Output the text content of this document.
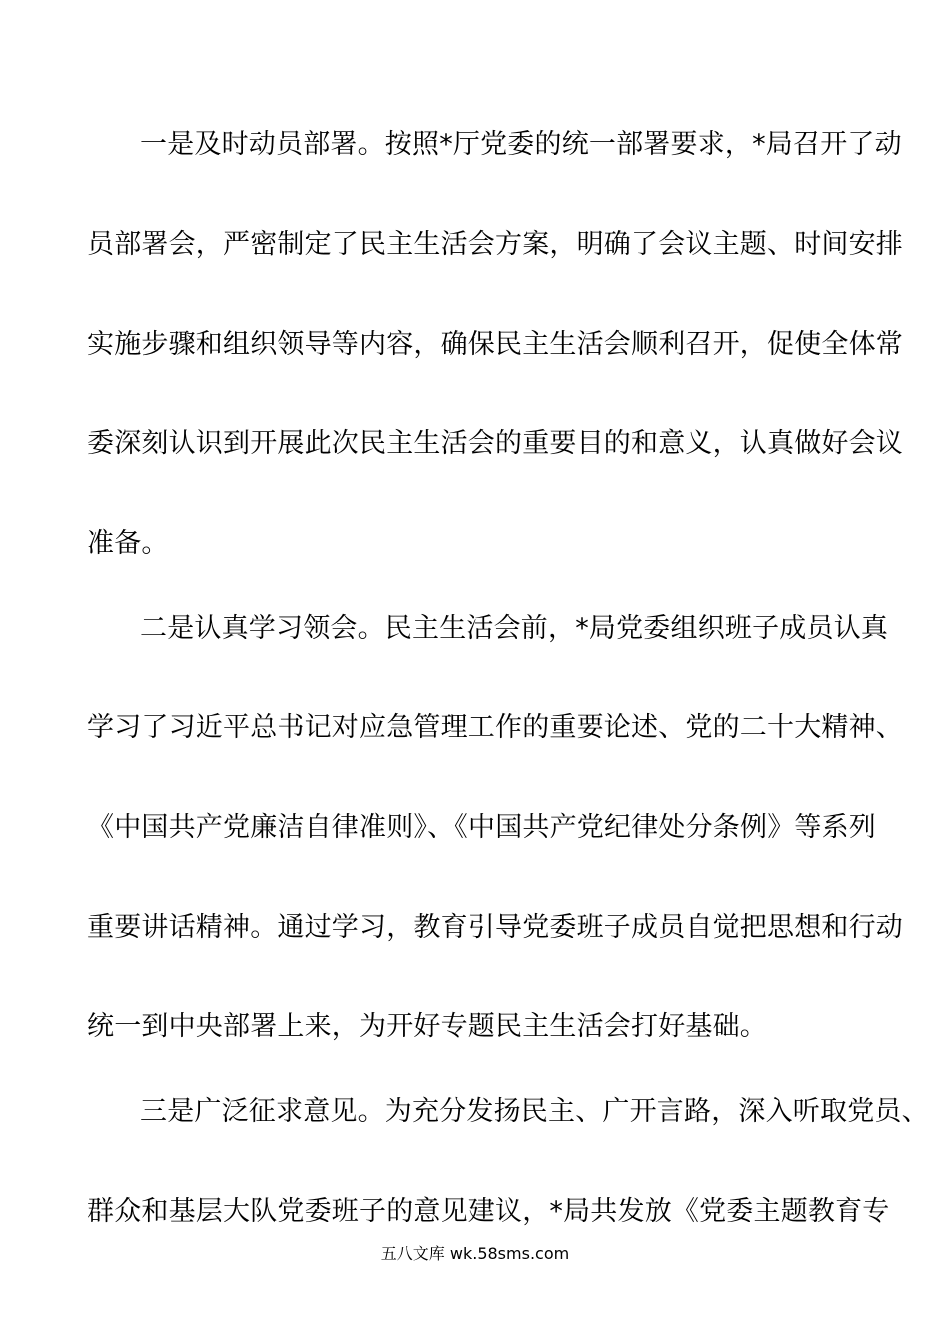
一是及时动员部署。按照*厅党委的统一部署要求，*局召开了动
员部署会，严密制定了民主生活会方案，明确了会议主题、时间安排
实施步骤和组织领导等内容，确保民主生活会顺利召开，促使全体常
委深刻认识到开展此次民主生活会的重要目的和意义，认真做好会议
准备。
二是认真学习领会。民主生活会前，*局党委组织班子成员认真
学习了习近平总书记对应急管理工作的重要论述、党的二十大精神、
《中国共产党廉洁自律准则》、《中国共产党纪律处分条例》等系列
重要讲话精神。通过学习，教育引导党委班子成员自觉把思想和行动
统一到中央部署上来，为开好专题民主生活会打好基础。
三是广泛征求意见。为充分发扬民主、广开言路，深入听取党员、
群众和基层大队党委班子的意见建议，*局共发放《党委主题教育专
五八文库 wk.58sms.com
